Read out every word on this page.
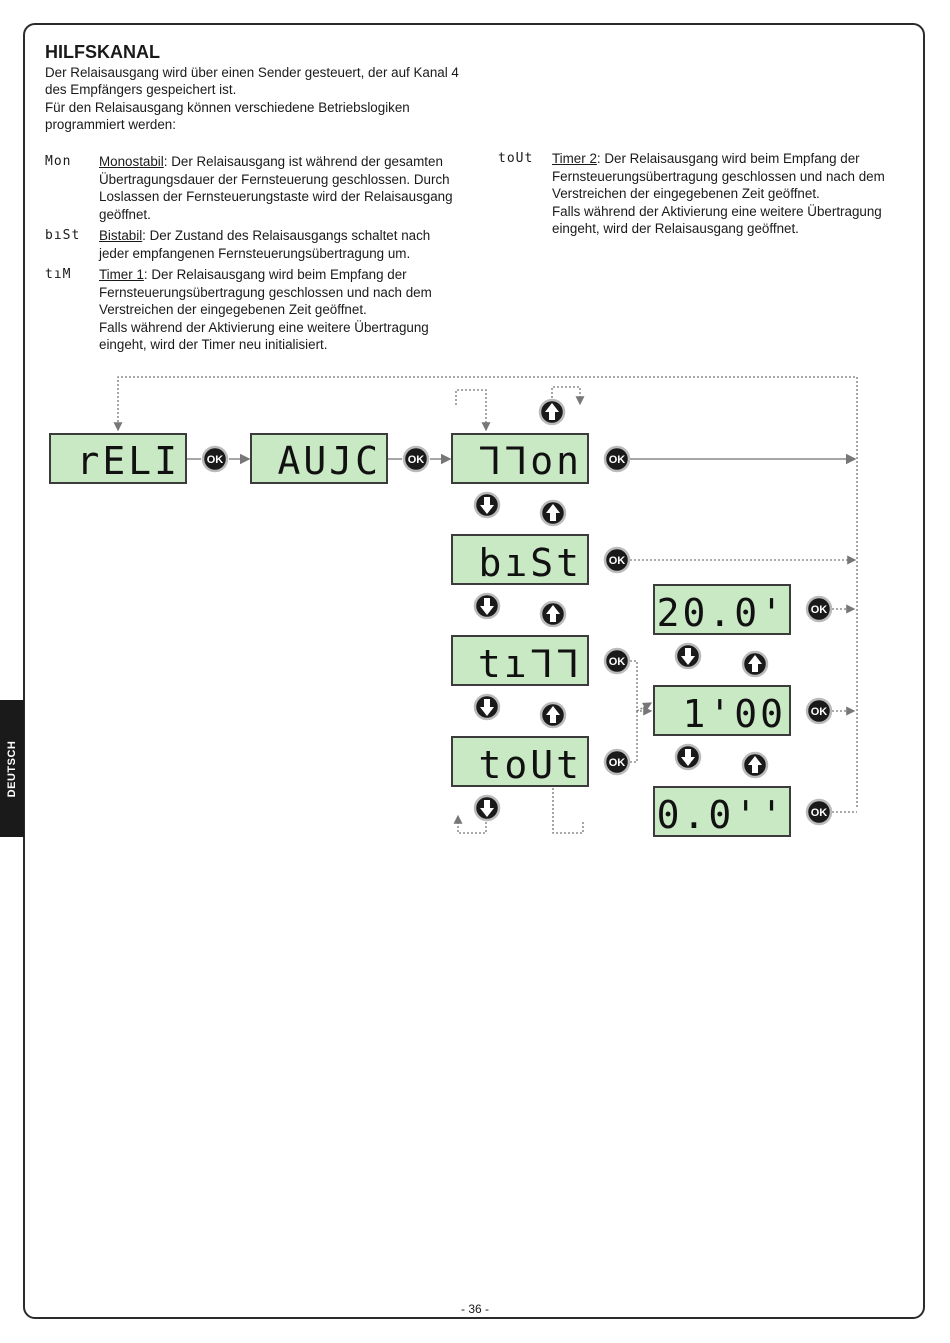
DEUTSCH
HILFSKANAL

Der Relaisausgang wird über einen Sender gesteuert, der auf Kanal 4 des Empfängers gespeichert ist.

Für den Relaisausgang können verschiedene Betriebslogiken programmiert werden:

Mon Monostabil: Der Relaisausgang ist während der gesamten Übertragungsdauer der Fernsteuerung geschlossen. Durch Loslassen der Fernsteuerungstaste wird der Relaisausgang geöffnet.
bıSt Bistabil: Der Zustand des Relaisausgangs schaltet nach jeder empfangenen Fernsteuerungsübertragung um.
tıM Timer 1: Der Relaisausgang wird beim Empfang der Fernsteuerungsübertragung geschlossen und nach dem Verstreichen der eingegebenen Zeit geöffnet.
Falls während der Aktivierung eine weitere Übertragung eingeht, wird der Timer neu initialisiert.
toUt Timer 2: Der Relaisausgang wird beim Empfang der Fernsteuerungsübertragung geschlossen und nach dem Verstreichen der eingegebenen Zeit geöffnet.
Falls während der Aktivierung eine weitere Übertragung eingeht, wird der Relaisausgang geöffnet.
rELI	AUJC	ᒣᒣon
bıSt
tıᒣᒣ
toUt
20.0'
1'00
0.0''
OK	OK	OK
OK
OK
OK
OK
OK
OK
- 36 -
